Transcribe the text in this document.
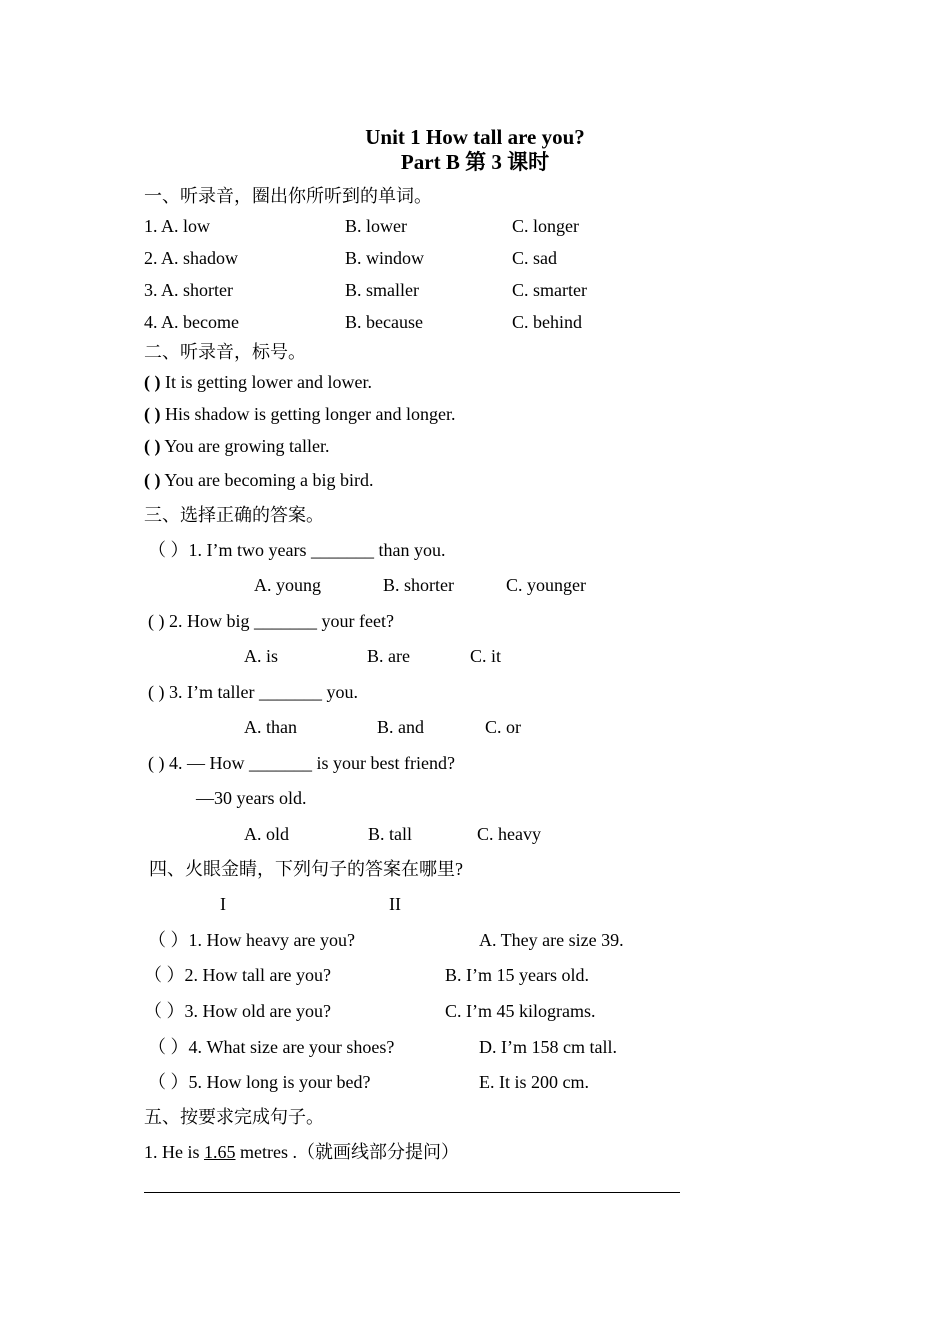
Unit 1 How tall are you?
Part B 第 3 课时
一、听录音，圈出你所听到的单词。
1. A. low	B. lower	C. longer
2. A. shadow	B. window	C. sad
3. A. shorter	B. smaller	C. smarter
4. A. become	B. because	C. behind
二、听录音，标号。
( ) It is getting lower and lower.
( ) His shadow is getting longer and longer.
( ) You are growing taller.
( ) You are becoming a big bird.
三、选择正确的答案。
（ ）1. I’m two years _______ than you.
A. young	B. shorter	C. younger
( ) 2. How big _______ your feet?
A. is	B. are	C. it
( ) 3. I’m taller _______ you.
A. than	B. and	C. or
( ) 4. — How _______ is your best friend?
—30 years old.
A. old	B. tall	C. heavy
四、火眼金睛，下列句子的答案在哪里?
I	II
（ ）1. How heavy are you?	A. They are size 39.
（ ）2. How tall are you?	B. I’m 15 years old.
（ ）3. How old are you?	C. I’m 45 kilograms.
（ ）4. What size are your shoes?	D. I’m 158 cm tall.
（ ）5. How long is your bed?	E. It is 200 cm.
五、按要求完成句子。
1. He is 1.65 metres .（就画线部分提问）
